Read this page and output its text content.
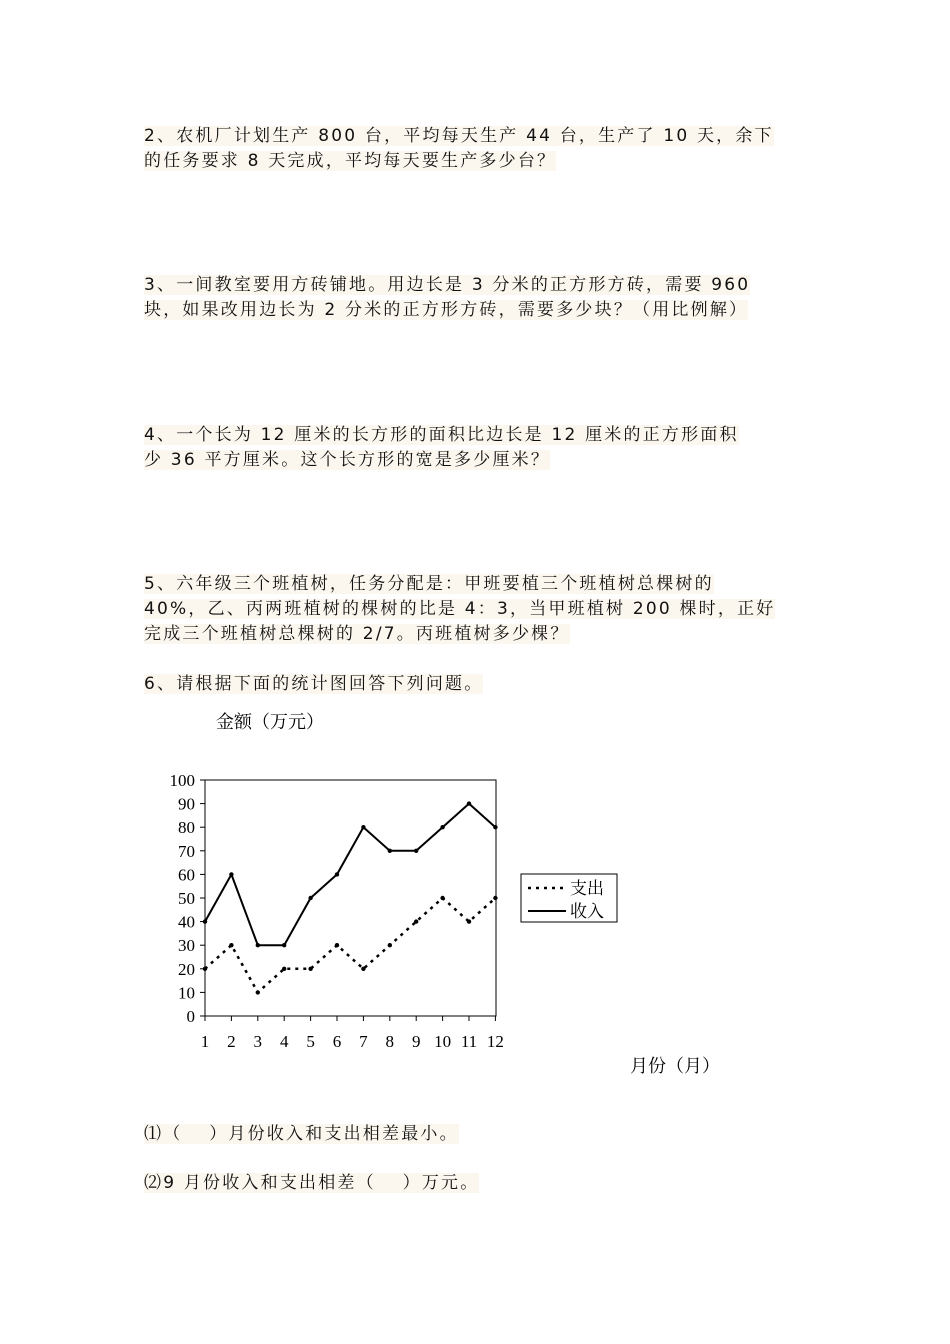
2、农机厂计划生产 800 台，平均每天生产 44 台，生产了 10 天，余下

的任务要求 8 天完成，平均每天要生产多少台？

3、一间教室要用方砖铺地。用边长是 3 分米的正方形方砖，需要 960

块，如果改用边长为 2 分米的正方形方砖，需要多少块？（用比例解）

4、一个长为 12 厘米的长方形的面积比边长是 12 厘米的正方形面积

少 36 平方厘米。这个长方形的宽是多少厘米？

5、六年级三个班植树，任务分配是：甲班要植三个班植树总棵树的

40%，乙、丙两班植树的棵树的比是 4：3，当甲班植树 200 棵时，正好

完成三个班植树总棵树的 2/7。丙班植树多少棵？

6、请根据下面的统计图回答下列问题。

金额（万元）
月份（月）
0
10
20
30
40
50
60
70
80
90
100
1 2 3 4 5 6 7 8 9 10 11 12
支出
收入

⑴（　 ）月份收入和支出相差最小。

⑵9 月份收入和支出相差（　 ）万元。
